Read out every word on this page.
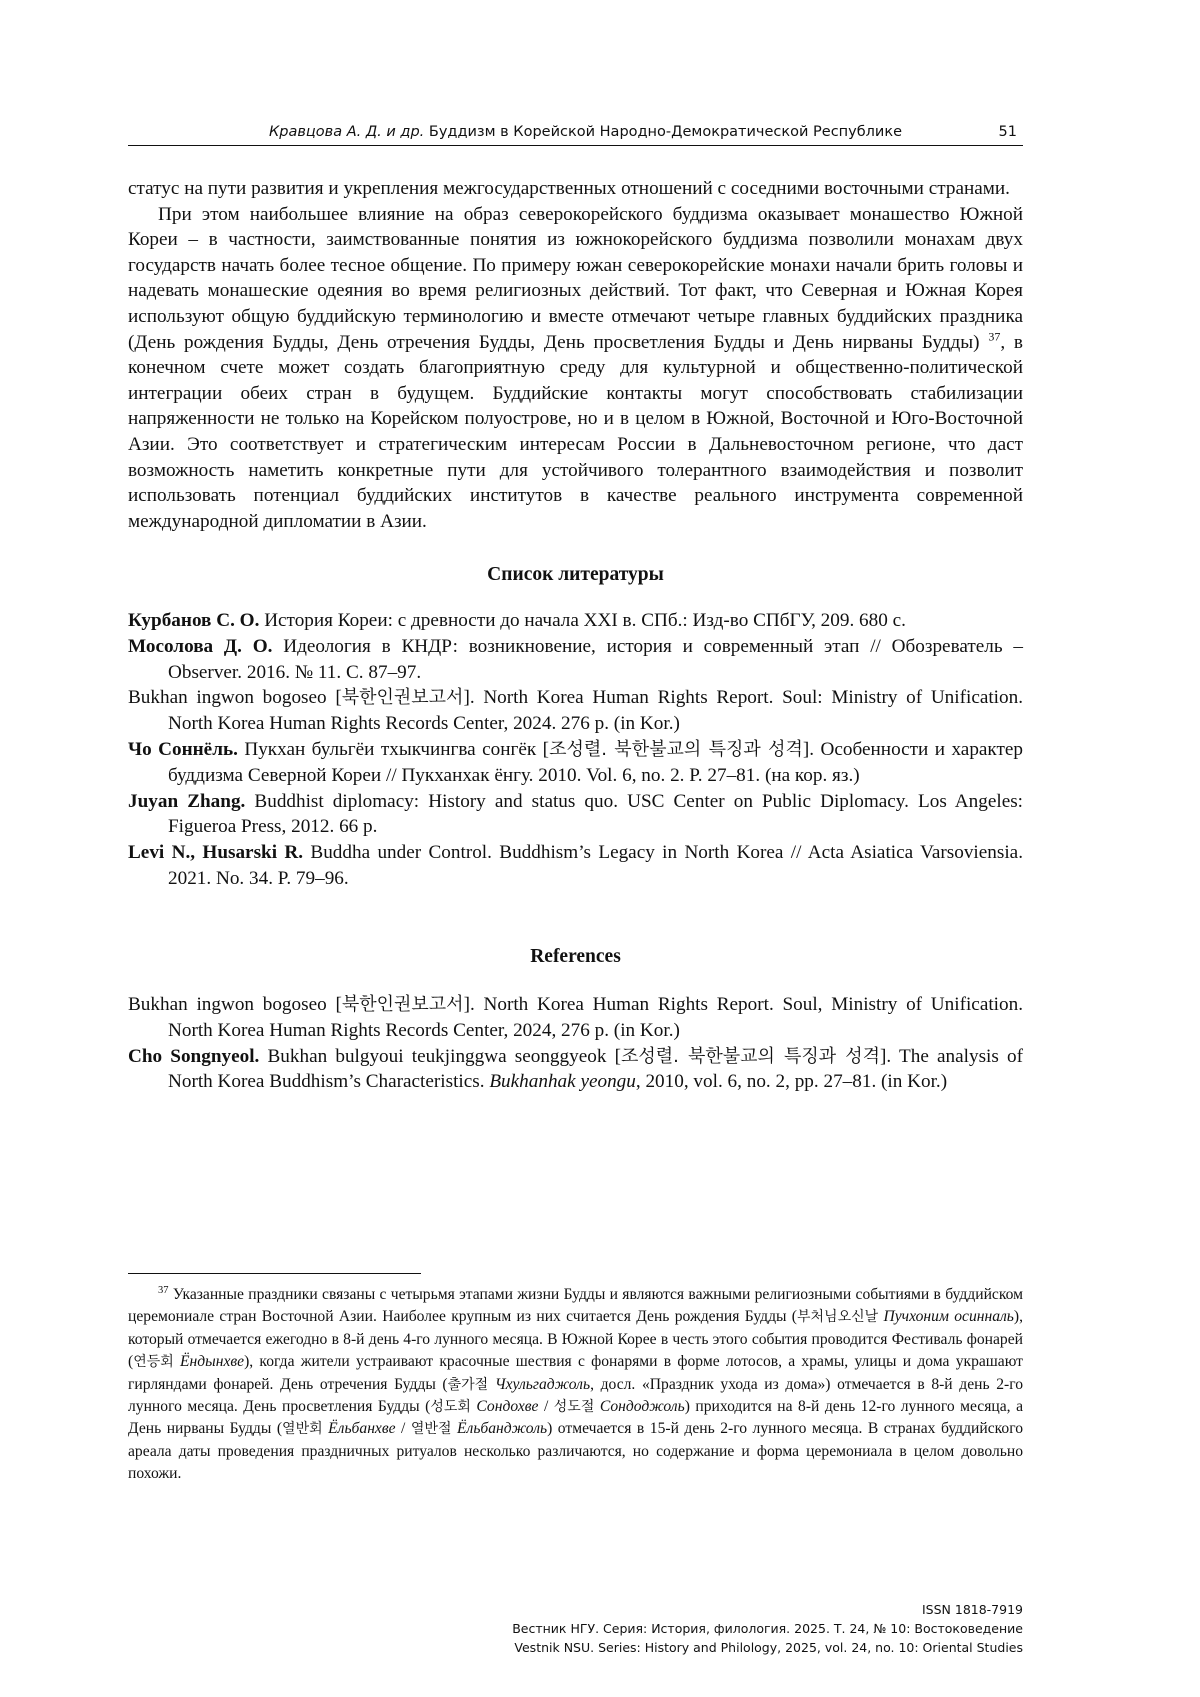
Кравцова А. Д. и др. Буддизм в Корейской Народно-Демократической Республике	51

статус на пути развития и укрепления межгосударственных отношений с соседними восточными странами.

При этом наибольшее влияние на образ северокорейского буддизма оказывает монашество Южной Кореи – в частности, заимствованные понятия из южнокорейского буддизма позволили монахам двух государств начать более тесное общение. По примеру южан северокорейские монахи начали брить головы и надевать монашеские одеяния во время религиозных действий. Тот факт, что Северная и Южная Корея используют общую буддийскую терминологию и вместе отмечают четыре главных буддийских праздника (День рождения Будды, День отречения Будды, День просветления Будды и День нирваны Будды) $^{37}$, в конечном счете может создать благоприятную среду для культурной и общественно-политической интеграции обеих стран в будущем. Буддийские контакты могут способствовать стабилизации напряженности не только на Корейском полуострове, но и в целом в Южной, Восточной и Юго-Восточной Азии. Это соответствует и стратегическим интересам России в Дальневосточном регионе, что даст возможность наметить конкретные пути для устойчивого толерантного взаимодействия и позволит использовать потенциал буддийских институтов в качестве реального инструмента современной международной дипломатии в Азии.

Список литературы
Курбанов С. О. История Кореи: с древности до начала XXI в. СПб.: Изд-во СПбГУ, 209. 680 с.
Мосолова Д. О. Идеология в КНДР: возникновение, история и современный этап // Обозреватель – Observer. 2016. № 11. С. 87–97.
Bukhan ingwon bogoseo [북한인권보고서]. North Korea Human Rights Report. Soul: Ministry of Unification. North Korea Human Rights Records Center, 2024. 276 p. (in Kor.)
Чо Соннёль. Пукхан бульгёи тхыкчингва сонгёк [조성렬. 북한불교의 특징과 성격]. Особенности и характер буддизма Северной Кореи // Пукханхак ёнгу. 2010. Vol. 6, no. 2. P. 27–81. (на кор. яз.)
Juyan Zhang. Buddhist diplomacy: History and status quo. USC Center on Public Diplomacy. Los Angeles: Figueroa Press, 2012. 66 p.
Levi N., Husarski R. Buddha under Control. Buddhism’s Legacy in North Korea // Acta Asiatica Varsoviensia. 2021. No. 34. P. 79–96.
References
Bukhan ingwon bogoseo [북한인권보고서]. North Korea Human Rights Report. Soul, Ministry of Unification. North Korea Human Rights Records Center, 2024, 276 p. (in Kor.)
Cho Songnyeol. Bukhan bulgyoui teukjinggwa seonggyeok [조성렬. 북한불교의 특징과 성격]. The analysis of North Korea Buddhism’s Characteristics. Bukhanhak yeongu, 2010, vol. 6, no. 2, pp. 27–81. (in Kor.)
$^{37}$ Указанные праздники связаны с четырьмя этапами жизни Будды и являются важными религиозными событиями в буддийском церемониале стран Восточной Азии. Наиболее крупным из них считается День рождения Будды (부처님오신날 Пучхоним осинналь), который отмечается ежегодно в 8-й день 4-го лунного месяца. В Южной Корее в честь этого события проводится Фестиваль фонарей (연등회 Ёндынхве), когда жители устраивают красочные шествия с фонарями в форме лотосов, а храмы, улицы и дома украшают гирляндами фонарей. День отречения Будды (출가절 Чхульгаджоль, досл. «Праздник ухода из дома») отмечается в 8-й день 2-го лунного месяца. День просветления Будды (성도회 Сондохве / 성도절 Сондоджоль) приходится на 8-й день 12-го лунного месяца, а День нирваны Будды (열반회 Ёльбанхве / 열반절 Ёльбанджоль) отмечается в 15-й день 2-го лунного месяца. В странах буддийского ареала даты проведения праздничных ритуалов несколько различаются, но содержание и форма церемониала в целом довольно похожи.
ISSN 1818-7919
Вестник НГУ. Серия: История, филология. 2025. Т. 24, № 10: Востоковедение
Vestnik NSU. Series: History and Philology, 2025, vol. 24, no. 10: Oriental Studies
